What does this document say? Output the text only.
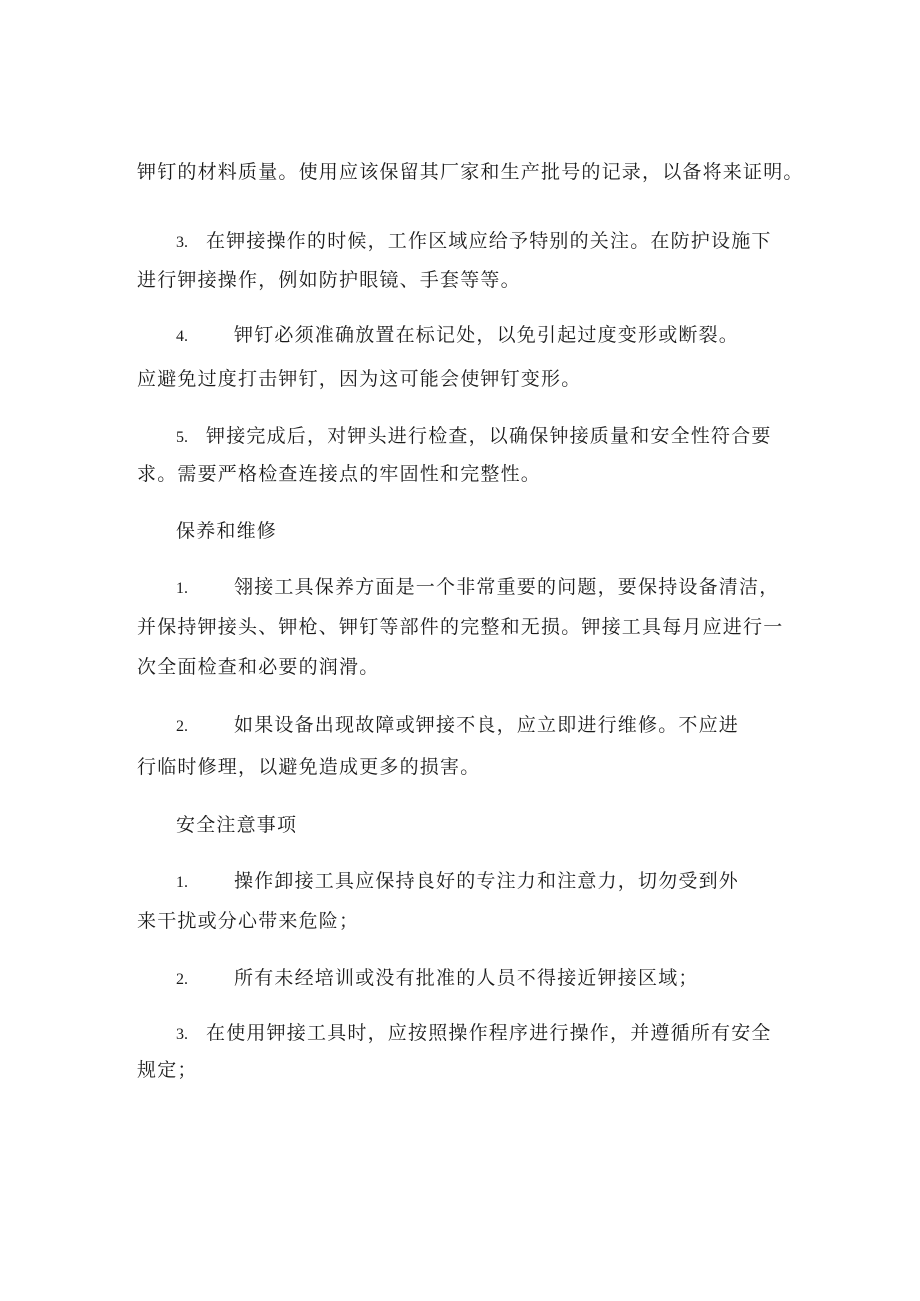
钾钉的材料质量。使用应该保留其厂家和生产批号的记录，以备将来证明。
3. 在钾接操作的时候，工作区域应给予特别的关注。在防护设施下
进行钾接操作，例如防护眼镜、手套等等。
4. 钾钉必须准确放置在标记处，以免引起过度变形或断裂。
应避免过度打击钾钉，因为这可能会使钾钉变形。
5. 钾接完成后，对钾头进行检查，以确保钟接质量和安全性符合要
求。需要严格检查连接点的牢固性和完整性。
保养和维修
1. 翎接工具保养方面是一个非常重要的问题，要保持设备清洁，
并保持钾接头、钾枪、钾钉等部件的完整和无损。钾接工具每月应进行一
次全面检查和必要的润滑。
2. 如果设备出现故障或钾接不良，应立即进行维修。不应进
行临时修理，以避免造成更多的损害。
安全注意事项
1. 操作卸接工具应保持良好的专注力和注意力，切勿受到外
来干扰或分心带来危险；
2. 所有未经培训或没有批准的人员不得接近钾接区域；
3. 在使用钾接工具时，应按照操作程序进行操作，并遵循所有安全
规定；
